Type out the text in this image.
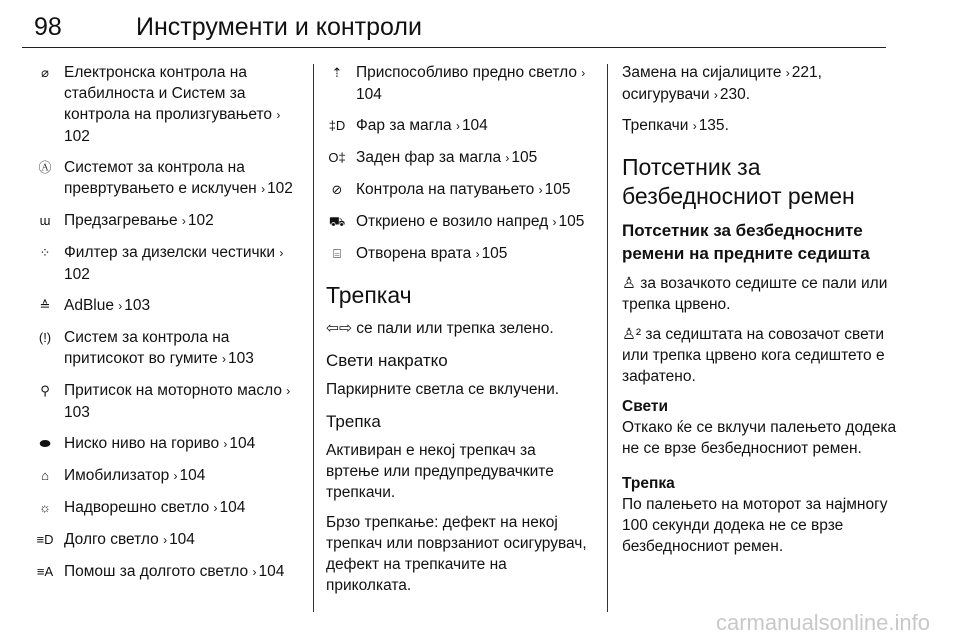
98	Инструменти и контроли
⌀ Електронска контрола на стабилноста и Систем за контрола на пролизгувањето ›102
Ⓐ Системот за контрола на превртувањето е исклучен › 102
ɯ Предзагревање › 102
⁘ Филтер за дизелски честички ›102
≙ AdBlue › 103
(!) Систем за контрола на притисокот во гумите › 103
⚲ Притисок на моторното масло ›103
⬬ Ниско ниво на гориво › 104
⌂ Имобилизатор › 104
☼ Надворешно светло › 104
≡D Долго светло › 104
≡A Помош за долгото светло › 104
⇡ Приспособливо предно светло ›104
‡D Фар за магла › 104
O‡ Заден фар за магла › 105
⊘ Контрола на патувањето › 105
⛟ Откриено е возило напред › 105
⌸ Отворена врата › 105
Трепкач

⇦⇨ се пали или трепка зелено.

Свети накратко

Паркирните светла се вклучени.

Трепка

Активиран е некој трепкач за вртење или предупредувачките трепкачи.

Брзо трепкање: дефект на некој трепкач или поврзаниот осигурувач, дефект на трепкачите на приколката.

Замена на сијалиците › 221, осигурувачи › 230.

Трепкачи › 135.

Потсетник за безбедносниот ремен
Потсетник за безбедносните ремени на предните седишта

♙ за возачкото седиште се пали или трепка црвено.

♙² за седиштата на совозачот свети или трепка црвено кога седиштето е зафатено.

Свети

Откако ќе се вклучи палењето додека не се врзе безбедносниот ремен.

Трепка

По палењето на моторот за најмногу 100 секунди додека не се врзе безбедносниот ремен.

carmanualsonline.info
